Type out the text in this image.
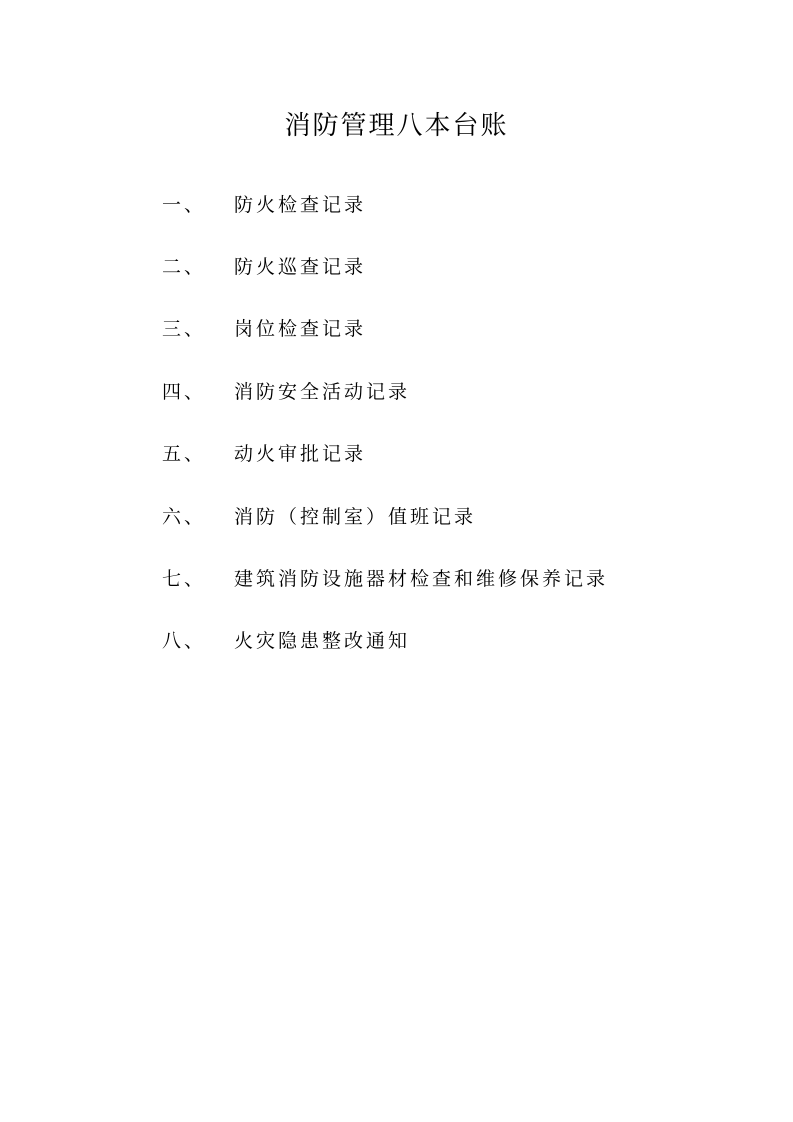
消防管理八本台账
一、	防火检查记录
二、	防火巡查记录
三、	岗位检查记录
四、	消防安全活动记录
五、	动火审批记录
六、	消防（控制室）值班记录
七、	建筑消防设施器材检查和维修保养记录
八、	火灾隐患整改通知
